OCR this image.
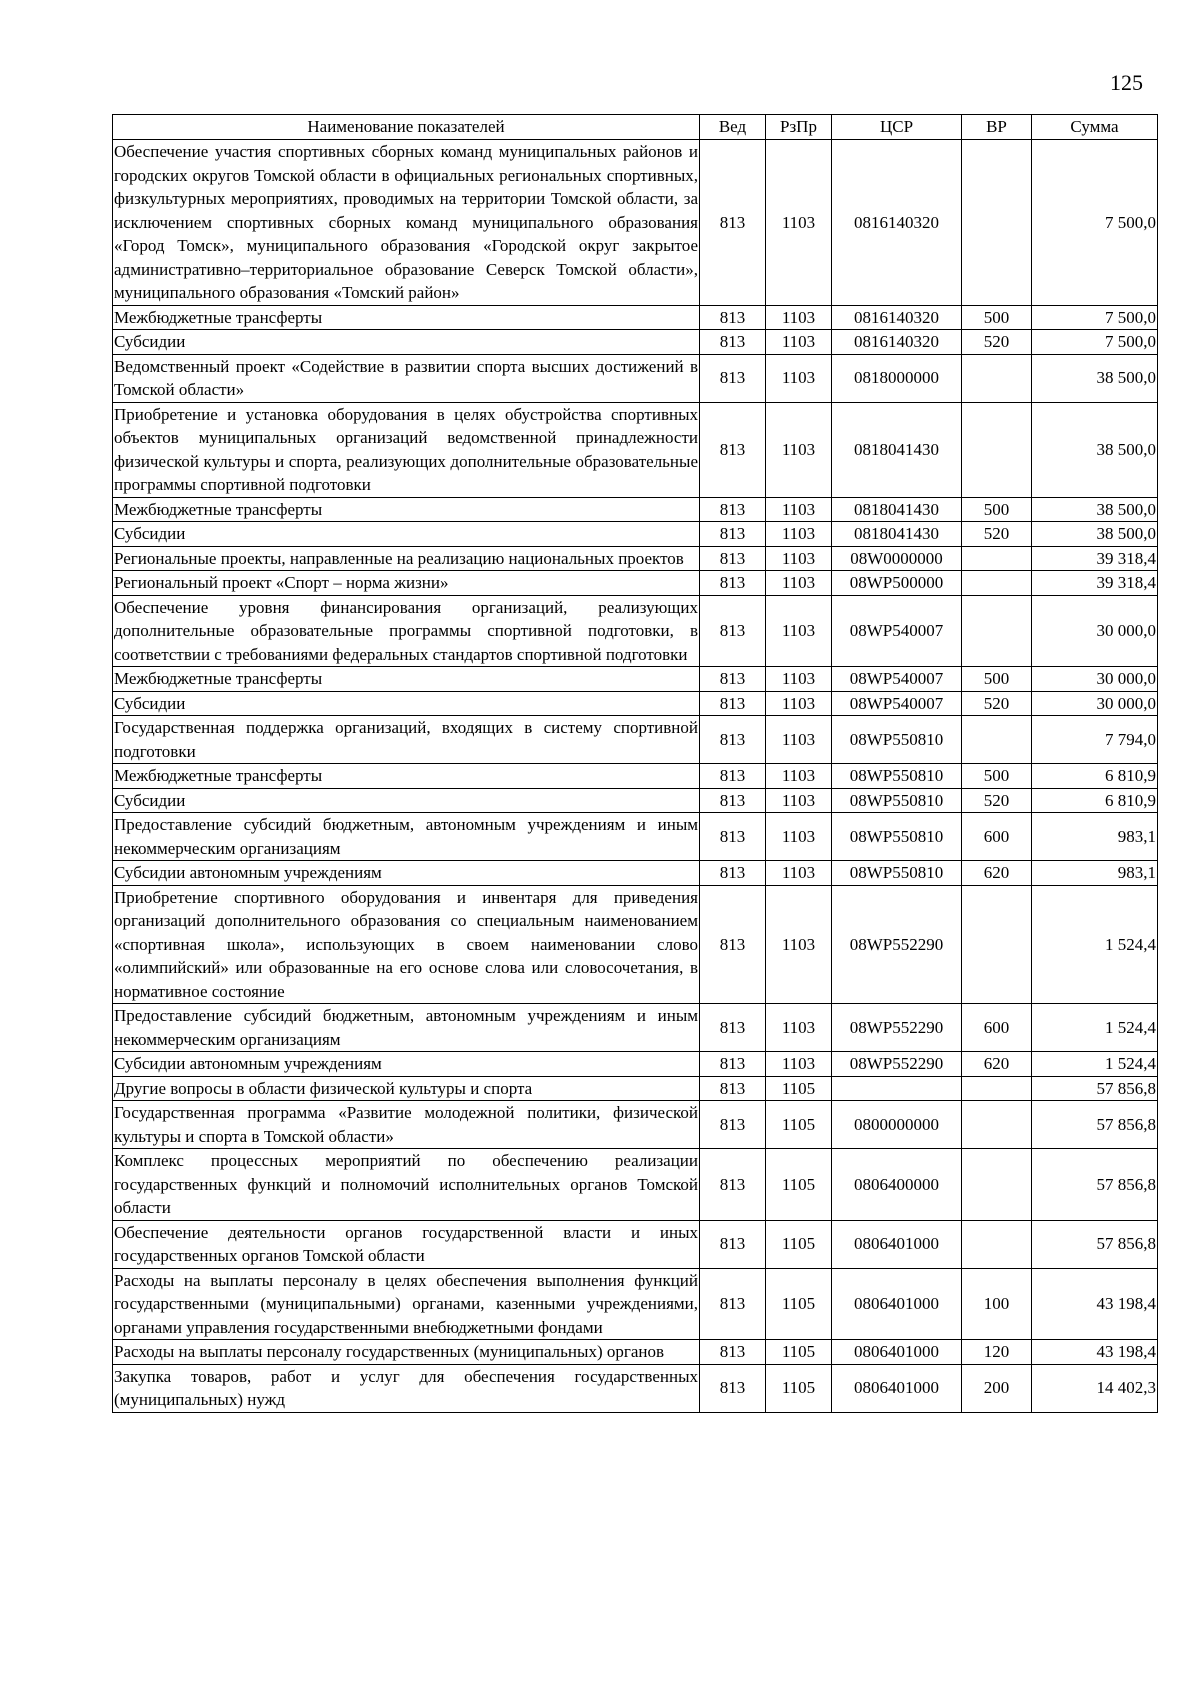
125
Наименование показателей	Вед	РзПр	ЦСР	ВР	Сумма
Обеспечение участия спортивных сборных команд муниципальных районов и городских округов Томской области в официальных региональных спортивных, физкультурных мероприятиях, проводимых на территории Томской области, за исключением спортивных сборных команд муниципального образования «Город Томск», муниципального образования «Городской округ закрытое административно–территориальное образование Северск Томской области», муниципального образования «Томский район»	813	1103	0816140320		7 500,0
Межбюджетные трансферты	813	1103	0816140320	500	7 500,0
Субсидии	813	1103	0816140320	520	7 500,0
Ведомственный проект «Содействие в развитии спорта высших достижений в Томской области»	813	1103	0818000000		38 500,0
Приобретение и установка оборудования в целях обустройства спортивных объектов муниципальных организаций ведомственной принадлежности физической культуры и спорта, реализующих дополнительные образовательные программы спортивной подготовки	813	1103	0818041430		38 500,0
Межбюджетные трансферты	813	1103	0818041430	500	38 500,0
Субсидии	813	1103	0818041430	520	38 500,0
Региональные проекты, направленные на реализацию национальных проектов	813	1103	08W0000000		39 318,4
Региональный проект «Спорт – норма жизни»	813	1103	08WP500000		39 318,4
Обеспечение уровня финансирования организаций, реализующих дополнительные образовательные программы спортивной подготовки, в соответствии с требованиями федеральных стандартов спортивной подготовки	813	1103	08WP540007		30 000,0
Межбюджетные трансферты	813	1103	08WP540007	500	30 000,0
Субсидии	813	1103	08WP540007	520	30 000,0
Государственная поддержка организаций, входящих в систему спортивной подготовки	813	1103	08WP550810		7 794,0
Межбюджетные трансферты	813	1103	08WP550810	500	6 810,9
Субсидии	813	1103	08WP550810	520	6 810,9
Предоставление субсидий бюджетным, автономным учреждениям и иным некоммерческим организациям	813	1103	08WP550810	600	983,1
Субсидии автономным учреждениям	813	1103	08WP550810	620	983,1
Приобретение спортивного оборудования и инвентаря для приведения организаций дополнительного образования со специальным наименованием «спортивная школа», использующих в своем наименовании слово «олимпийский» или образованные на его основе слова или словосочетания, в нормативное состояние	813	1103	08WP552290		1 524,4
Предоставление субсидий бюджетным, автономным учреждениям и иным некоммерческим организациям	813	1103	08WP552290	600	1 524,4
Субсидии автономным учреждениям	813	1103	08WP552290	620	1 524,4
Другие вопросы в области физической культуры и спорта	813	1105			57 856,8
Государственная программа «Развитие молодежной политики, физической культуры и спорта в Томской области»	813	1105	0800000000		57 856,8
Комплекс процессных мероприятий по обеспечению реализации государственных функций и полномочий исполнительных органов Томской области	813	1105	0806400000		57 856,8
Обеспечение деятельности органов государственной власти и иных государственных органов Томской области	813	1105	0806401000		57 856,8
Расходы на выплаты персоналу в целях обеспечения выполнения функций государственными (муниципальными) органами, казенными учреждениями, органами управления государственными внебюджетными фондами	813	1105	0806401000	100	43 198,4
Расходы на выплаты персоналу государственных (муниципальных) органов	813	1105	0806401000	120	43 198,4
Закупка товаров, работ и услуг для обеспечения государственных (муниципальных) нужд	813	1105	0806401000	200	14 402,3
